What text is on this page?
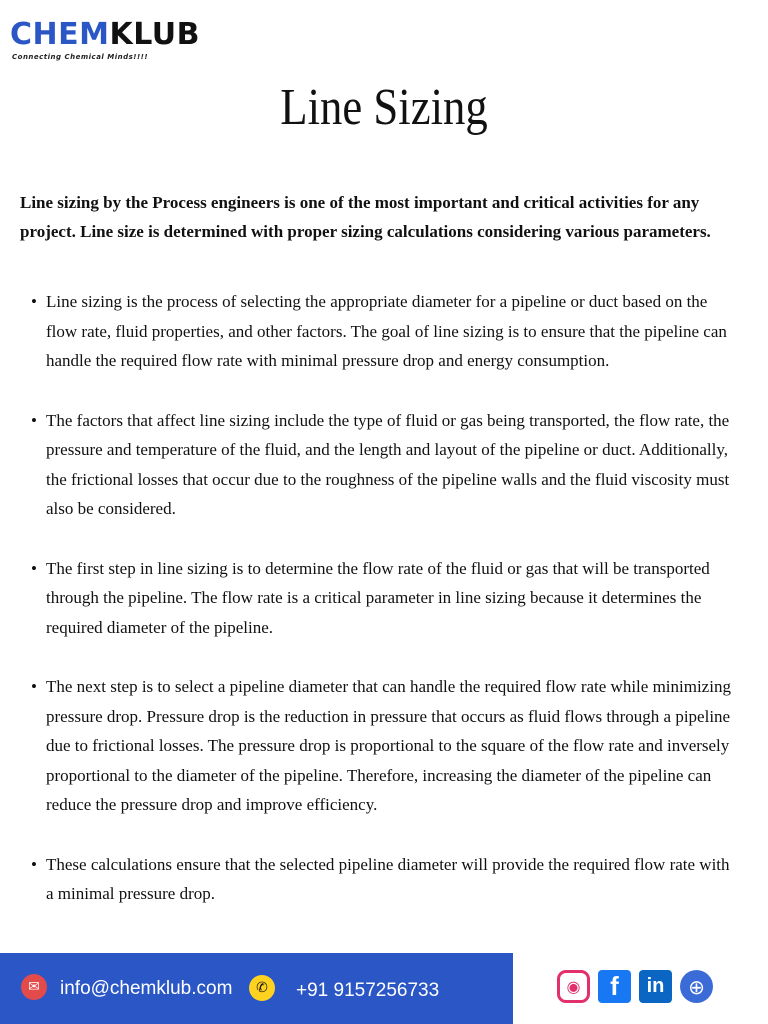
CHEMKLUB
Connecting Chemical Minds!!!!
Line Sizing

Line sizing by the Process engineers is one of the most important and critical activities for any project. Line size is determined with proper sizing calculations considering various parameters.

• Line sizing is the process of selecting the appropriate diameter for a pipeline or duct based on the flow rate, fluid properties, and other factors. The goal of line sizing is to ensure that the pipeline can handle the required flow rate with minimal pressure drop and energy consumption.
• The factors that affect line sizing include the type of fluid or gas being transported, the flow rate, the pressure and temperature of the fluid, and the length and layout of the pipeline or duct. Additionally, the frictional losses that occur due to the roughness of the pipeline walls and the fluid viscosity must also be considered.
• The first step in line sizing is to determine the flow rate of the fluid or gas that will be transported through the pipeline. The flow rate is a critical parameter in line sizing because it determines the required diameter of the pipeline.
• The next step is to select a pipeline diameter that can handle the required flow rate while minimizing pressure drop. Pressure drop is the reduction in pressure that occurs as fluid flows through a pipeline due to frictional losses. The pressure drop is proportional to the square of the flow rate and inversely proportional to the diameter of the pipeline. Therefore, increasing the diameter of the pipeline can reduce the pressure drop and improve efficiency.
• These calculations ensure that the selected pipeline diameter will provide the required flow rate with a minimal pressure drop.
✉	info@chemklub.com	✆	+91 9157256733	◉	f	in	⊕
